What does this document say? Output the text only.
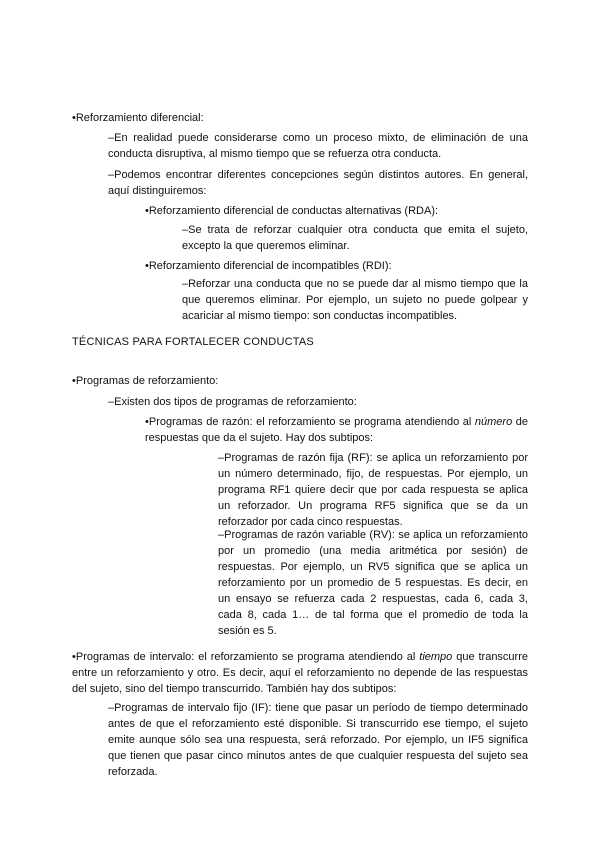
•Reforzamiento diferencial:

–En realidad puede considerarse como un proceso mixto, de eliminación de una conducta disruptiva, al mismo tiempo que se refuerza otra conducta.

–Podemos encontrar diferentes concepciones según distintos autores. En general, aquí distinguiremos:

•Reforzamiento diferencial de conductas alternativas (RDA):

–Se trata de reforzar cualquier otra conducta que emita el sujeto, excepto la que queremos eliminar.

•Reforzamiento diferencial de incompatibles (RDI):

–Reforzar una conducta que no se puede dar al mismo tiempo que la que queremos eliminar. Por ejemplo, un sujeto no puede golpear y acariciar al mismo tiempo: son conductas incompatibles.

TÉCNICAS PARA FORTALECER CONDUCTAS

•Programas de reforzamiento:

–Existen dos tipos de programas de reforzamiento:

•Programas de razón: el reforzamiento se programa atendiendo al número de respuestas que da el sujeto. Hay dos subtipos:

–Programas de razón fija (RF): se aplica un reforzamiento por un número determinado, fijo, de respuestas. Por ejemplo, un programa RF1 quiere decir que por cada respuesta se aplica un reforzador. Un programa RF5 significa que se da un reforzador por cada cinco respuestas.

–Programas de razón variable (RV): se aplica un reforzamiento por un promedio (una media aritmética por sesión) de respuestas. Por ejemplo, un RV5 significa que se aplica un reforzamiento por un promedio de 5 respuestas. Es decir, en un ensayo se refuerza cada 2 respuestas, cada 6, cada 3, cada 8, cada 1… de tal forma que el promedio de toda la sesión es 5.

•Programas de intervalo: el reforzamiento se programa atendiendo al tiempo que transcurre entre un reforzamiento y otro. Es decir, aquí el reforzamiento no depende de las respuestas del sujeto, sino del tiempo transcurrido. También hay dos subtipos:

–Programas de intervalo fijo (IF): tiene que pasar un período de tiempo determinado antes de que el reforzamiento esté disponible. Si transcurrido ese tiempo, el sujeto emite aunque sólo sea una respuesta, será reforzado. Por ejemplo, un IF5 significa que tienen que pasar cinco minutos antes de que cualquier respuesta del sujeto sea reforzada.
